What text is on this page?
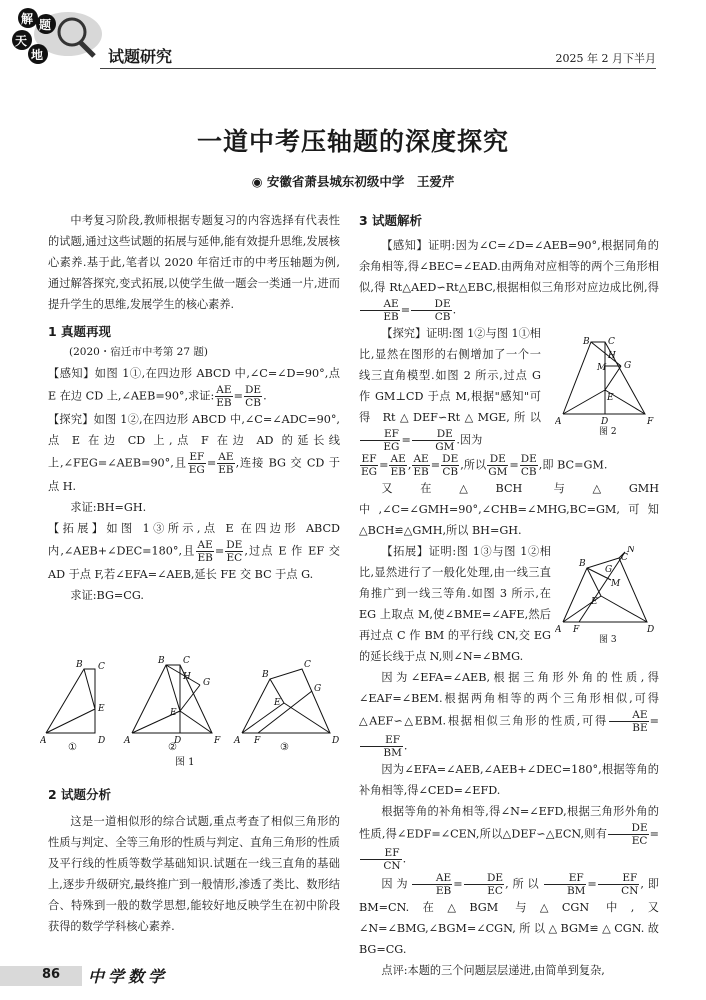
解 题
天
地	试题研究	2025 年 2 月下半月
一道中考压轴题的深度探究
◉ 安徽省萧县城东初级中学　王爱芹

中考复习阶段,教师根据专题复习的内容选择有代表性的试题,通过这些试题的拓展与延伸,能有效提升思维,发展核心素养.基于此,笔者以 2020 年宿迁市的中考压轴题为例,通过解答探究,变式拓展,以使学生做一题会一类通一片,进而提升学生的思维,发展学生的核心素养.

1 真题再现

(2020・宿迁市中考第 27 题)

【感知】如图 1①,在四边形 ABCD 中,∠C=∠D=90°,点 E 在边 CD 上,∠AEB=90°,求证: $\frac{AE}{EB} = \frac{DE}{CB}$ .

【探究】如图 1②,在四边形 ABCD 中,∠C=∠ADC=90°,点 E 在边 CD 上,点 F 在边 AD 的延长线上,∠FEG=∠AEB=90°,且 $\frac{EF}{EG} = \frac{AE}{EB}$ ,连接 BG 交 CD 于点 H.

求证:BH=GH.

【拓展】如图 1③所示,点 E 在四边形 ABCD 内,∠AEB+∠DEC=180°,且 $\frac{AE}{EB} = \frac{DE}{EC}$ ,过点 E 作 EF 交 AD 于点 F,若∠EFA=∠AEB,延长 FE 交 BC 于点 G.

求证:BG=CG.

A
B C
D
E
A
B C
D
E
F
G
H
A
B
C
D
E
F
G
①	②	③
图 1
2 试题分析

这是一道相似形的综合试题,重点考查了相似三角形的性质与判定、全等三角形的性质与判定、直角三角形的性质及平行线的性质等数学基础知识.试题在一线三直角的基础上,逐步升级研究,最终推广到一般情形,渗透了类比、数形结合、特殊到一般的数学思想,能较好地反映学生在初中阶段获得的数学学科核心素养.

3 试题解析

【感知】证明:因为∠C=∠D=∠AEB=90°,根据同角的余角相等,得∠BEC=∠EAD.由两角对应相等的两个三角形相似,得 Rt△AED∽Rt△EBC,根据相似三角形对应边成比例,得
$\frac{AE}{EB} = \frac{DE}{CB}$ .

【探究】证明:图 1②与图 1①相比,显然在图形的右侧增加了一个一线三直角模型.如图 2 所示,过点 G 作 GM⊥CD 于点 M,根据"感知"可得 Rt△DEF∽Rt△MGE,所以
$\frac{EF}{EG} = \frac{DE}{GM}$ .因为

$\frac{EF}{EG} = \frac{AE}{EB}$ , $\frac{AE}{EB} = \frac{DE}{CB}$ ,所以 $\frac{DE}{GM} = \frac{DE}{CB}$ ,即 BC=GM.

又在△BCH 与△GMH 中,∠C=∠GMH=90°,∠CHB=∠MHG,BC=GM,可知△BCH≌△GMH,所以 BH=GH.

【拓展】证明:图 1③与图 1②相比,显然进行了一般化处理,由一线三直角推广到一线三等角.如图 3 所示,在 EG 上取点 M,使∠BME=∠AFE,然后再过点 C 作 BM 的平行线 CN,交 EG 的延长线于点 N,则∠N=∠BMG.

因为∠EFA=∠AEB,根据三角形外角的性质,得∠EAF=∠BEM.根据两角相等的两个三角形相似,可得△AEF∽△EBM.根据相似三角形的性质,可得 $\frac{AE}{BE}$ =
$\frac{EF}{BM}$ .

因为∠EFA=∠AEB,∠AEB+∠DEC=180°,根据等角的补角相等,得∠CED=∠EFD.

根据等角的补角相等,得∠N=∠EFD,根据三角形外角的性质,得∠EDF=∠CEN,所以△DEF∽△ECN,则有 $\frac{DE}{EC}$ =
$\frac{EF}{CN}$ .

因为 $\frac{AE}{EB} = \frac{DE}{EC}$ ,所以 $\frac{EF}{BM} = \frac{EF}{CN}$ ,即 BM=CN.在△BGM 与△CGN 中,又∠N=∠BMG,∠BGM=∠CGN,所以△BGM≌△CGN.故 BG=CG.

点评:本题的三个问题层层递进,由简单到复杂,

A
B C
D
E
F
G
H
M
图 2
A
B
C
D
E
F
G
M
N
图 3
86 中学数学
